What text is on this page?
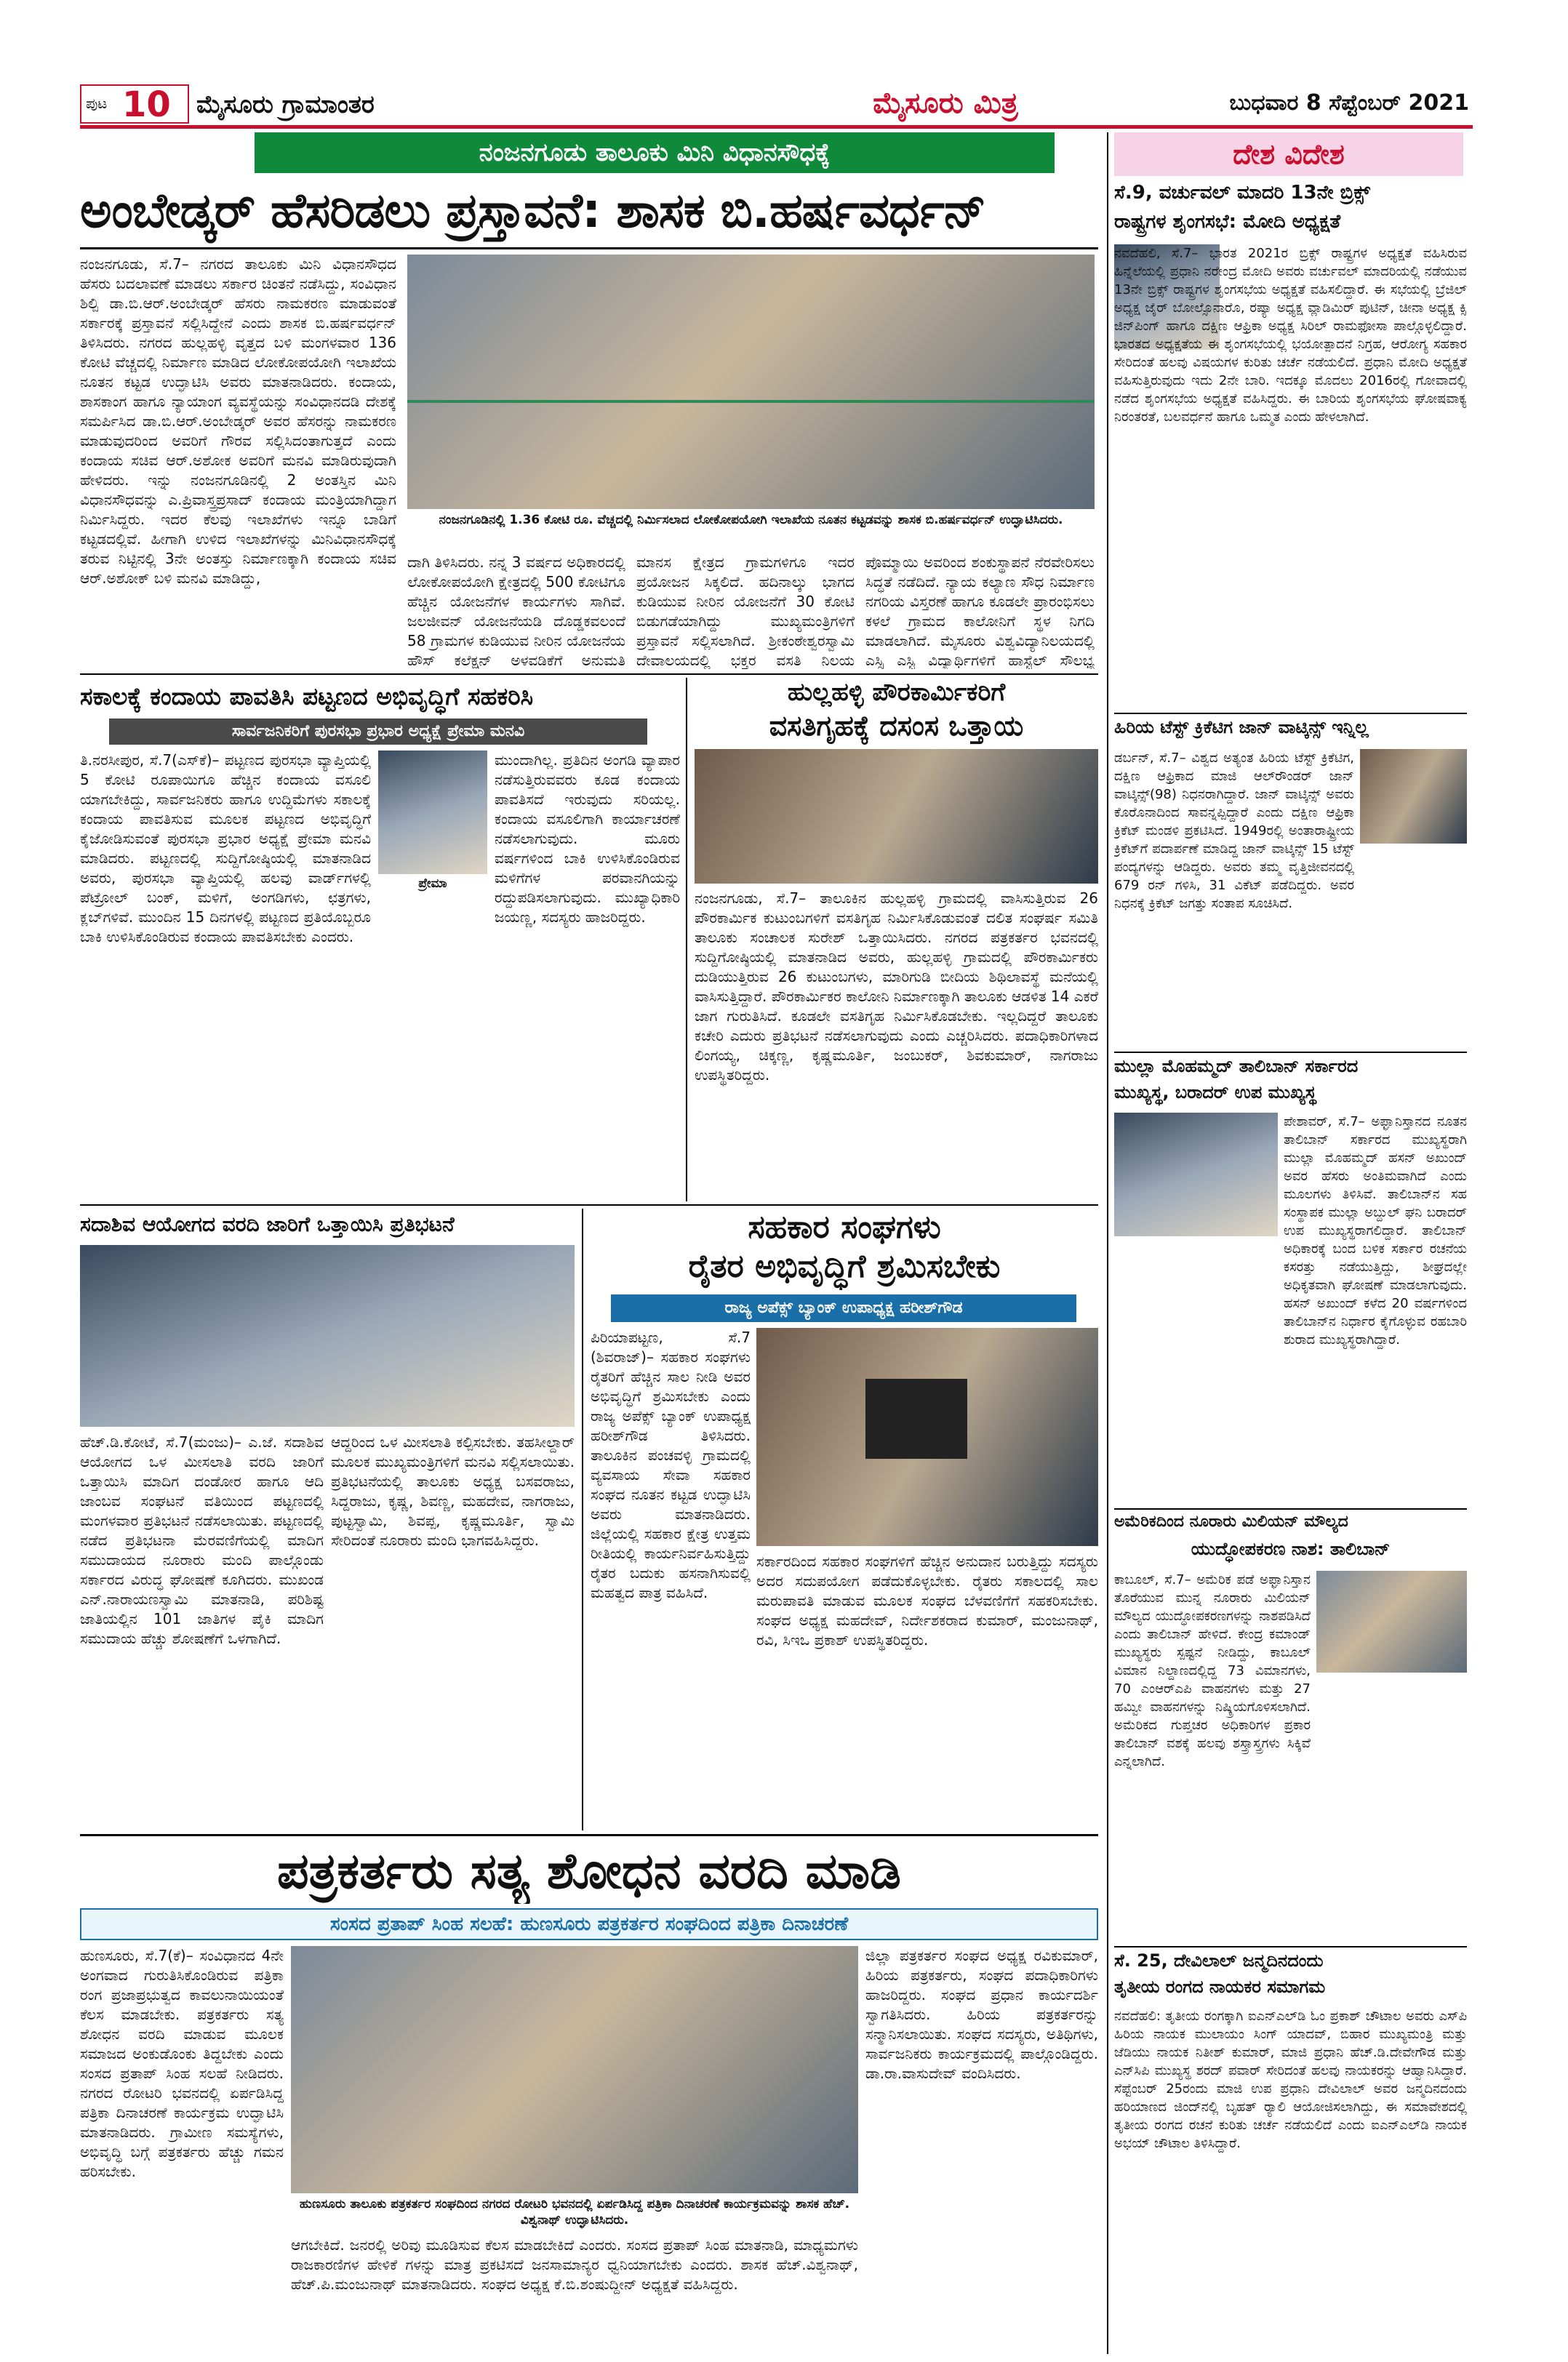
ಪುಟ 10 ಮೈಸೂರು ಗ್ರಾಮಾಂತರ	ಮೈಸೂರು ಮಿತ್ರ	ಬುಧವಾರ 8 ಸೆಪ್ಟೆಂಬರ್ 2021
ನಂಜನಗೂಡು ತಾಲೂಕು ಮಿನಿ ವಿಧಾನಸೌಧಕ್ಕೆ
ಅಂಬೇಡ್ಕರ್ ಹೆಸರಿಡಲು ಪ್ರಸ್ತಾವನೆ: ಶಾಸಕ ಬಿ.ಹರ್ಷವರ್ಧನ್
ನಂಜನಗೂಡು, ಸೆ.7– ನಗರದ ತಾಲೂಕು ಮಿನಿ ವಿಧಾನಸೌಧದ ಹೆಸರು ಬದಲಾವಣೆ ಮಾಡಲು ಸರ್ಕಾರ ಚಿಂತನೆ ನಡೆಸಿದ್ದು, ಸಂವಿಧಾನ ಶಿಲ್ಪಿ ಡಾ.ಬಿ.ಆರ್.ಅಂಬೇಡ್ಕರ್ ಹೆಸರು ನಾಮಕರಣ ಮಾಡುವಂತೆ ಸರ್ಕಾರಕ್ಕೆ ಪ್ರಸ್ತಾವನೆ ಸಲ್ಲಿಸಿದ್ದೇನೆ ಎಂದು ಶಾಸಕ ಬಿ.ಹರ್ಷವರ್ಧನ್ ತಿಳಿಸಿದರು. ನಗರದ ಹುಲ್ಲಹಳ್ಳಿ ವೃತ್ತದ ಬಳಿ ಮಂಗಳವಾರ 136 ಕೋಟಿ ವೆಚ್ಚದಲ್ಲಿ ನಿರ್ಮಾಣ ಮಾಡಿದ ಲೋಕೋಪಯೋಗಿ ಇಲಾಖೆಯ ನೂತನ ಕಟ್ಟಡ ಉದ್ಘಾಟಿಸಿ ಅವರು ಮಾತನಾಡಿದರು. ಕಂದಾಯ, ಶಾಸಕಾಂಗ ಹಾಗೂ ನ್ಯಾಯಾಂಗ ವ್ಯವಸ್ಥೆಯನ್ನು ಸಂವಿಧಾನದಡಿ ದೇಶಕ್ಕೆ ಸಮರ್ಪಿಸಿದ ಡಾ.ಬಿ.ಆರ್.ಅಂಬೇಡ್ಕರ್ ಅವರ ಹೆಸರನ್ನು ನಾಮಕರಣ ಮಾಡುವುದರಿಂದ ಅವರಿಗೆ ಗೌರವ ಸಲ್ಲಿಸಿದಂತಾಗುತ್ತದೆ ಎಂದು ಕಂದಾಯ ಸಚಿವ ಆರ್.ಅಶೋಕ ಅವರಿಗೆ ಮನವಿ ಮಾಡಿರುವುದಾಗಿ ಹೇಳಿದರು. ಇನ್ನು ನಂಜನಗೂಡಿನಲ್ಲಿ 2 ಅಂತಸ್ತಿನ ಮಿನಿ ವಿಧಾನಸೌಧವನ್ನು ಎ.ಪ್ರಿವಾಸ್ತ್ರಪ್ರಸಾದ್ ಕಂದಾಯ ಮಂತ್ರಿಯಾಗಿದ್ದಾಗ ನಿರ್ಮಿಸಿದ್ದರು. ಇದರ ಕೆಲವು ಇಲಾಖೆಗಳು ಇನ್ನೂ ಬಾಡಿಗೆ ಕಟ್ಟಡದಲ್ಲಿವೆ. ಹೀಗಾಗಿ ಉಳಿದ ಇಲಾಖೆಗಳನ್ನು ಮಿನಿವಿಧಾನಸೌಧಕ್ಕೆ ತರುವ ನಿಟ್ಟಿನಲ್ಲಿ 3ನೇ ಅಂತಸ್ತು ನಿರ್ಮಾಣಕ್ಕಾಗಿ ಕಂದಾಯ ಸಚಿವ ಆರ್.ಅಶೋಕ್ ಬಳಿ ಮನವಿ ಮಾಡಿದ್ದು,
ನಂಜನಗೂಡಿನಲ್ಲಿ 1.36 ಕೋಟಿ ರೂ. ವೆಚ್ಚದಲ್ಲಿ ನಿರ್ಮಿಸಲಾದ ಲೋಕೋಪಯೋಗಿ ಇಲಾಖೆಯ ನೂತನ ಕಟ್ಟಡವನ್ನು ಶಾಸಕ ಬಿ.ಹರ್ಷವರ್ಧನ್ ಉದ್ಘಾಟಿಸಿದರು.
ದಾಗಿ ತಿಳಿಸಿದರು. ನನ್ನ 3 ವರ್ಷದ ಅಧಿಕಾರದಲ್ಲಿ ಲೋಕೋಪಯೋಗಿ ಕ್ಷೇತ್ರದಲ್ಲಿ 500 ಕೋಟಿಗೂ ಹೆಚ್ಚಿನ ಯೋಜನೆಗಳ ಕಾರ್ಯಗಳು ಸಾಗಿವೆ. ಜಲಜೀವನ್ ಯೋಜನೆಯಡಿ ದೊಡ್ಡಕವಲಂದೆ 58 ಗ್ರಾಮಗಳ ಕುಡಿಯುವ ನೀರಿನ ಯೋಜನೆಯ ಹೌಸ್ ಕಲೆಕ್ಷನ್ ಅಳವಡಿಕೆಗೆ ಅನುಮತಿ
ಮಾನಸ ಕ್ಷೇತ್ರದ ಗ್ರಾಮಗಳಿಗೂ ಇದರ ಪ್ರಯೋಜನ ಸಿಕ್ಕಲಿದೆ. ಹದಿನಾಲ್ಕು ಭಾಗದ ಕುಡಿಯುವ ನೀರಿನ ಯೋಜನೆಗೆ 30 ಕೋಟಿ ಬಿಡುಗಡೆಯಾಗಿದ್ದು ಮುಖ್ಯಮಂತ್ರಿಗಳಿಗೆ ಪ್ರಸ್ತಾವನೆ ಸಲ್ಲಿಸಲಾಗಿದೆ. ಶ್ರೀಕಂಠೇಶ್ವರಸ್ವಾಮಿ ದೇವಾಲಯದಲ್ಲಿ ಭಕ್ತರ ವಸತಿ ನಿಲಯ
ಪೊಮ್ಮಾಯಿ ಅವರಿಂದ ಶಂಕುಸ್ಥಾಪನೆ ನೆರವೇರಿಸಲು ಸಿದ್ಧತೆ ನಡೆದಿದೆ. ನ್ಯಾಯ ಕಲ್ಯಾಣ ಸೌಧ ನಿರ್ಮಾಣ ನಗರಿಯ ವಿಸ್ತರಣೆ ಹಾಗೂ ಕೂಡಲೇ ಪ್ರಾರಂಭಿಸಲು ಕಳಲೆ ಗ್ರಾಮದ ಕಾಲೋನಿಗೆ ಸ್ಥಳ ನಿಗದಿ ಮಾಡಲಾಗಿದೆ. ಮೈಸೂರು ವಿಶ್ವವಿದ್ಯಾನಿಲಯದಲ್ಲಿ ಎಸ್ಸಿ ಎಸ್ಟಿ ವಿದ್ಯಾರ್ಥಿಗಳಿಗೆ ಹಾಸ್ಟೆಲ್ ಸೌಲಭ್ಯ
ಸಕಾಲಕ್ಕೆ ಕಂದಾಯ ಪಾವತಿಸಿ ಪಟ್ಟಣದ ಅಭಿವೃದ್ಧಿಗೆ ಸಹಕರಿಸಿ
ಸಾರ್ವಜನಿಕರಿಗೆ ಪುರಸಭಾ ಪ್ರಭಾರ ಅಧ್ಯಕ್ಷೆ ಪ್ರೇಮಾ ಮನವಿ
ತಿ.ನರಸೀಪುರ, ಸೆ.7(ಎಸ್‌ಕೆ)– ಪಟ್ಟಣದ ಪುರಸಭಾ ವ್ಯಾಪ್ತಿಯಲ್ಲಿ 5 ಕೋಟಿ ರೂಪಾಯಿಗೂ ಹೆಚ್ಚಿನ ಕಂದಾಯ ವಸೂಲಿ ಯಾಗಬೇಕಿದ್ದು, ಸಾರ್ವಜನಿಕರು ಹಾಗೂ ಉದ್ದಿಮೆಗಳು ಸಕಾಲಕ್ಕೆ ಕಂದಾಯ ಪಾವತಿಸುವ ಮೂಲಕ ಪಟ್ಟಣದ ಅಭಿವೃದ್ಧಿಗೆ ಕೈಜೋಡಿಸುವಂತೆ ಪುರಸಭಾ ಪ್ರಭಾರ ಅಧ್ಯಕ್ಷೆ ಪ್ರೇಮಾ ಮನವಿ ಮಾಡಿದರು. ಪಟ್ಟಣದಲ್ಲಿ ಸುದ್ದಿಗೋಷ್ಠಿಯಲ್ಲಿ ಮಾತನಾಡಿದ ಅವರು, ಪುರಸಭಾ ವ್ಯಾಪ್ತಿಯಲ್ಲಿ ಹಲವು ವಾರ್ಡ್‌ಗಳಲ್ಲಿ ಪೆಟ್ರೋಲ್ ಬಂಕ್, ಮಳಿಗೆ, ಅಂಗಡಿಗಳು, ಛತ್ರಗಳು, ಕ್ಲಬ್‌ಗಳಿವೆ. ಮುಂದಿನ 15 ದಿನಗಳಲ್ಲಿ ಪಟ್ಟಣದ ಪ್ರತಿಯೊಬ್ಬರೂ ಬಾಕಿ ಉಳಿಸಿಕೊಂಡಿರುವ ಕಂದಾಯ ಪಾವತಿಸಬೇಕು ಎಂದರು.
ಪ್ರೇಮಾ
ಮುಂದಾಗಿಲ್ಲ. ಪ್ರತಿದಿನ ಅಂಗಡಿ ವ್ಯಾಪಾರ ನಡೆಸುತ್ತಿರುವವರು ಕೂಡ ಕಂದಾಯ ಪಾವತಿಸದೆ ಇರುವುದು ಸರಿಯಲ್ಲ. ಕಂದಾಯ ವಸೂಲಿಗಾಗಿ ಕಾರ್ಯಾಚರಣೆ ನಡೆಸಲಾಗುವುದು. ಮೂರು ವರ್ಷಗಳಿಂದ ಬಾಕಿ ಉಳಿಸಿಕೊಂಡಿರುವ ಮಳಿಗೆಗಳ ಪರವಾನಗಿಯನ್ನು ರದ್ದುಪಡಿಸಲಾಗುವುದು. ಮುಖ್ಯಾಧಿಕಾರಿ ಜಯಣ್ಣ, ಸದಸ್ಯರು ಹಾಜರಿದ್ದರು.
ಹುಲ್ಲಹಳ್ಳಿ ಪೌರಕಾರ್ಮಿಕರಿಗೆ
ವಸತಿಗೃಹಕ್ಕೆ ದಸಂಸ ಒತ್ತಾಯ
ನಂಜನಗೂಡು, ಸೆ.7– ತಾಲೂಕಿನ ಹುಲ್ಲಹಳ್ಳಿ ಗ್ರಾಮದಲ್ಲಿ ವಾಸಿಸುತ್ತಿರುವ 26 ಪೌರಕಾರ್ಮಿಕ ಕುಟುಂಬಗಳಿಗೆ ವಸತಿಗೃಹ ನಿರ್ಮಿಸಿಕೊಡುವಂತೆ ದಲಿತ ಸಂಘರ್ಷ ಸಮಿತಿ ತಾಲೂಕು ಸಂಚಾಲಕ ಸುರೇಶ್ ಒತ್ತಾಯಿಸಿದರು. ನಗರದ ಪತ್ರಕರ್ತರ ಭವನದಲ್ಲಿ ಸುದ್ದಿಗೋಷ್ಠಿಯಲ್ಲಿ ಮಾತನಾಡಿದ ಅವರು, ಹುಲ್ಲಹಳ್ಳಿ ಗ್ರಾಮದಲ್ಲಿ ಪೌರಕಾರ್ಮಿಕರು ದುಡಿಯುತ್ತಿರುವ 26 ಕುಟುಂಬಗಳು, ಮಾರಿಗುಡಿ ಬೀದಿಯ ಶಿಥಿಲಾವಸ್ಥೆ ಮನೆಯಲ್ಲಿ ವಾಸಿಸುತ್ತಿದ್ದಾರೆ. ಪೌರಕಾರ್ಮಿಕರ ಕಾಲೋನಿ ನಿರ್ಮಾಣಕ್ಕಾಗಿ ತಾಲೂಕು ಆಡಳಿತ 14 ಎಕರೆ ಜಾಗ ಗುರುತಿಸಿದೆ. ಕೂಡಲೇ ವಸತಿಗೃಹ ನಿರ್ಮಿಸಿಕೊಡಬೇಕು. ಇಲ್ಲದಿದ್ದರೆ ತಾಲೂಕು ಕಚೇರಿ ಎದುರು ಪ್ರತಿಭಟನೆ ನಡೆಸಲಾಗುವುದು ಎಂದು ಎಚ್ಚರಿಸಿದರು. ಪದಾಧಿಕಾರಿಗಳಾದ ಲಿಂಗಯ್ಯ, ಚಿಕ್ಕಣ್ಣ, ಕೃಷ್ಣಮೂರ್ತಿ, ಜಂಬುಕರ್, ಶಿವಕುಮಾರ್, ನಾಗರಾಜು ಉಪಸ್ಥಿತರಿದ್ದರು.
ಸದಾಶಿವ ಆಯೋಗದ ವರದಿ ಜಾರಿಗೆ ಒತ್ತಾಯಿಸಿ ಪ್ರತಿಭಟನೆ
ಹೆಚ್.ಡಿ.ಕೋಟೆ, ಸೆ.7(ಮಂಜು)– ಎ.ಜೆ. ಸದಾಶಿವ ಆಯೋಗದ ಒಳ ಮೀಸಲಾತಿ ವರದಿ ಜಾರಿಗೆ ಒತ್ತಾಯಿಸಿ ಮಾದಿಗ ದಂಡೋರ ಹಾಗೂ ಆದಿ ಜಾಂಬವ ಸಂಘಟನೆ ವತಿಯಿಂದ ಪಟ್ಟಣದಲ್ಲಿ ಮಂಗಳವಾರ ಪ್ರತಿಭಟನೆ ನಡೆಸಲಾಯಿತು. ಪಟ್ಟಣದಲ್ಲಿ ನಡೆದ ಪ್ರತಿಭಟನಾ ಮೆರವಣಿಗೆಯಲ್ಲಿ ಮಾದಿಗ ಸಮುದಾಯದ ನೂರಾರು ಮಂದಿ ಪಾಲ್ಗೊಂಡು ಸರ್ಕಾರದ ವಿರುದ್ಧ ಘೋಷಣೆ ಕೂಗಿದರು. ಮುಖಂಡ ಎನ್.ನಾರಾಯಣಸ್ವಾಮಿ ಮಾತನಾಡಿ, ಪರಿಶಿಷ್ಟ ಜಾತಿಯಲ್ಲಿನ 101 ಜಾತಿಗಳ ಪೈಕಿ ಮಾದಿಗ ಸಮುದಾಯ ಹೆಚ್ಚು ಶೋಷಣೆಗೆ ಒಳಗಾಗಿದೆ.
ಆದ್ದರಿಂದ ಒಳ ಮೀಸಲಾತಿ ಕಲ್ಪಿಸಬೇಕು. ತಹಸೀಲ್ದಾರ್ ಮೂಲಕ ಮುಖ್ಯಮಂತ್ರಿಗಳಿಗೆ ಮನವಿ ಸಲ್ಲಿಸಲಾಯಿತು. ಪ್ರತಿಭಟನೆಯಲ್ಲಿ ತಾಲೂಕು ಅಧ್ಯಕ್ಷ ಬಸವರಾಜು, ಸಿದ್ದರಾಜು, ಕೃಷ್ಣ, ಶಿವಣ್ಣ, ಮಹದೇವ, ನಾಗರಾಜು, ಪುಟ್ಟಸ್ವಾಮಿ, ಶಿವಪ್ಪ, ಕೃಷ್ಣಮೂರ್ತಿ, ಸ್ವಾಮಿ ಸೇರಿದಂತೆ ನೂರಾರು ಮಂದಿ ಭಾಗವಹಿಸಿದ್ದರು.
ಸಹಕಾರ ಸಂಘಗಳು
ರೈತರ ಅಭಿವೃದ್ಧಿಗೆ ಶ್ರಮಿಸಬೇಕು
ರಾಜ್ಯ ಅಪೆಕ್ಸ್ ಬ್ಯಾಂಕ್ ಉಪಾಧ್ಯಕ್ಷ ಹರೀಶ್‌ಗೌಡ
ಪಿರಿಯಾಪಟ್ಟಣ, ಸೆ.7 (ಶಿವರಾಜ್)– ಸಹಕಾರ ಸಂಘಗಳು ರೈತರಿಗೆ ಹೆಚ್ಚಿನ ಸಾಲ ನೀಡಿ ಅವರ ಅಭಿವೃದ್ಧಿಗೆ ಶ್ರಮಿಸಬೇಕು ಎಂದು ರಾಜ್ಯ ಅಪೆಕ್ಸ್ ಬ್ಯಾಂಕ್ ಉಪಾಧ್ಯಕ್ಷ ಹರೀಶ್‌ಗೌಡ ತಿಳಿಸಿದರು. ತಾಲೂಕಿನ ಪಂಚವಳ್ಳಿ ಗ್ರಾಮದಲ್ಲಿ ವ್ಯವಸಾಯ ಸೇವಾ ಸಹಕಾರ ಸಂಘದ ನೂತನ ಕಟ್ಟಡ ಉದ್ಘಾಟಿಸಿ ಅವರು ಮಾತನಾಡಿದರು. ಜಿಲ್ಲೆಯಲ್ಲಿ ಸಹಕಾರ ಕ್ಷೇತ್ರ ಉತ್ತಮ ರೀತಿಯಲ್ಲಿ ಕಾರ್ಯನಿರ್ವಹಿಸುತ್ತಿದ್ದು ರೈತರ ಬದುಕು ಹಸನಾಗಿಸುವಲ್ಲಿ ಮಹತ್ವದ ಪಾತ್ರ ವಹಿಸಿದೆ.
ಸರ್ಕಾರದಿಂದ ಸಹಕಾರ ಸಂಘಗಳಿಗೆ ಹೆಚ್ಚಿನ ಅನುದಾನ ಬರುತ್ತಿದ್ದು ಸದಸ್ಯರು ಅದರ ಸದುಪಯೋಗ ಪಡೆದುಕೊಳ್ಳಬೇಕು. ರೈತರು ಸಕಾಲದಲ್ಲಿ ಸಾಲ ಮರುಪಾವತಿ ಮಾಡುವ ಮೂಲಕ ಸಂಘದ ಬೆಳವಣಿಗೆಗೆ ಸಹಕರಿಸಬೇಕು. ಸಂಘದ ಅಧ್ಯಕ್ಷ ಮಹದೇವ್, ನಿರ್ದೇಶಕರಾದ ಕುಮಾರ್, ಮಂಜುನಾಥ್, ರವಿ, ಸಿಇಒ ಪ್ರಕಾಶ್ ಉಪಸ್ಥಿತರಿದ್ದರು.
ಪತ್ರಕರ್ತರು ಸತ್ಯ ಶೋಧನ ವರದಿ ಮಾಡಿ
ಸಂಸದ ಪ್ರತಾಪ್ ಸಿಂಹ ಸಲಹೆ: ಹುಣಸೂರು ಪತ್ರಕರ್ತರ ಸಂಘದಿಂದ ಪತ್ರಿಕಾ ದಿನಾಚರಣೆ
ಹುಣಸೂರು, ಸೆ.7(ಕೆ)– ಸಂವಿಧಾನದ 4ನೇ ಅಂಗವಾದ ಗುರುತಿಸಿಕೊಂಡಿರುವ ಪತ್ರಿಕಾ ರಂಗ ಪ್ರಜಾಪ್ರಭುತ್ವದ ಕಾವಲುನಾಯಿಯಂತೆ ಕೆಲಸ ಮಾಡಬೇಕು. ಪತ್ರಕರ್ತರು ಸತ್ಯ ಶೋಧನ ವರದಿ ಮಾಡುವ ಮೂಲಕ ಸಮಾಜದ ಅಂಕುಡೊಂಕು ತಿದ್ದಬೇಕು ಎಂದು ಸಂಸದ ಪ್ರತಾಪ್ ಸಿಂಹ ಸಲಹೆ ನೀಡಿದರು. ನಗರದ ರೋಟರಿ ಭವನದಲ್ಲಿ ಏರ್ಪಡಿಸಿದ್ದ ಪತ್ರಿಕಾ ದಿನಾಚರಣೆ ಕಾರ್ಯಕ್ರಮ ಉದ್ಘಾಟಿಸಿ ಮಾತನಾಡಿದರು. ಗ್ರಾಮೀಣ ಸಮಸ್ಯೆಗಳು, ಅಭಿವೃದ್ಧಿ ಬಗ್ಗೆ ಪತ್ರಕರ್ತರು ಹೆಚ್ಚು ಗಮನ ಹರಿಸಬೇಕು.
ಹುಣಸೂರು ತಾಲೂಕು ಪತ್ರಕರ್ತರ ಸಂಘದಿಂದ ನಗರದ ರೋಟರಿ ಭವನದಲ್ಲಿ ಏರ್ಪಡಿಸಿದ್ದ ಪತ್ರಿಕಾ ದಿನಾಚರಣೆ ಕಾರ್ಯಕ್ರಮವನ್ನು ಶಾಸಕ ಹೆಚ್. ವಿಶ್ವನಾಥ್ ಉದ್ಘಾಟಿಸಿದರು.
ಆಗಬೇಕಿದೆ. ಜನರಲ್ಲಿ ಅರಿವು ಮೂಡಿಸುವ ಕೆಲಸ ಮಾಡಬೇಕಿದೆ ಎಂದರು. ಸಂಸದ ಪ್ರತಾಪ್ ಸಿಂಹ ಮಾತನಾಡಿ, ಮಾಧ್ಯಮಗಳು ರಾಜಕಾರಣಿಗಳ ಹೇಳಿಕೆ ಗಳನ್ನು ಮಾತ್ರ ಪ್ರಕಟಿಸದೆ ಜನಸಾಮಾನ್ಯರ ಧ್ವನಿಯಾಗಬೇಕು ಎಂದರು. ಶಾಸಕ ಹೆಚ್.ವಿಶ್ವನಾಥ್, ಹೆಚ್.ಪಿ.ಮಂಜುನಾಥ್ ಮಾತನಾಡಿದರು. ಸಂಘದ ಅಧ್ಯಕ್ಷ ಕೆ.ಬಿ.ಶಂಷುದ್ದೀನ್ ಅಧ್ಯಕ್ಷತೆ ವಹಿಸಿದ್ದರು.
ಜಿಲ್ಲಾ ಪತ್ರಕರ್ತರ ಸಂಘದ ಅಧ್ಯಕ್ಷ ರವಿಕುಮಾರ್, ಹಿರಿಯ ಪತ್ರಕರ್ತರು, ಸಂಘದ ಪದಾಧಿಕಾರಿಗಳು ಹಾಜರಿದ್ದರು. ಸಂಘದ ಪ್ರಧಾನ ಕಾರ್ಯದರ್ಶಿ ಸ್ವಾಗತಿಸಿದರು. ಹಿರಿಯ ಪತ್ರಕರ್ತರನ್ನು ಸನ್ಮಾನಿಸಲಾಯಿತು. ಸಂಘದ ಸದಸ್ಯರು, ಅತಿಥಿಗಳು, ಸಾರ್ವಜನಿಕರು ಕಾರ್ಯಕ್ರಮದಲ್ಲಿ ಪಾಲ್ಗೊಂಡಿದ್ದರು. ಡಾ.ರಾ.ವಾಸುದೇವ್ ವಂದಿಸಿದರು.
ದೇಶ ವಿದೇಶ
ಸೆ.9, ವರ್ಚುವಲ್ ಮಾದರಿ 13ನೇ ಬ್ರಿಕ್ಸ್
ರಾಷ್ಟ್ರಗಳ ಶೃಂಗಸಭೆ: ಮೋದಿ ಅಧ್ಯಕ್ಷತೆ
ನವದೆಹಲಿ, ಸೆ.7– ಭಾರತ 2021ರ ಬ್ರಿಕ್ಸ್ ರಾಷ್ಟ್ರಗಳ ಅಧ್ಯಕ್ಷತೆ ವಹಿಸಿರುವ ಹಿನ್ನೆಲೆಯಲ್ಲಿ ಪ್ರಧಾನಿ ನರೇಂದ್ರ ಮೋದಿ ಅವರು ವರ್ಚುವಲ್ ಮಾದರಿಯಲ್ಲಿ ನಡೆಯುವ 13ನೇ ಬ್ರಿಕ್ಸ್ ರಾಷ್ಟ್ರಗಳ ಶೃಂಗಸಭೆಯ ಅಧ್ಯಕ್ಷತೆ ವಹಿಸಲಿದ್ದಾರೆ. ಈ ಸಭೆಯಲ್ಲಿ ಬ್ರೆಜಿಲ್ ಅಧ್ಯಕ್ಷ ಜೈರ್ ಬೋಲ್ಸೊನಾರೊ, ರಷ್ಯಾ ಅಧ್ಯಕ್ಷ ವ್ಲಾಡಿಮಿರ್ ಪುಟಿನ್, ಚೀನಾ ಅಧ್ಯಕ್ಷ ಕ್ಸಿ ಜಿನ್‌ಪಿಂಗ್ ಹಾಗೂ ದಕ್ಷಿಣ ಆಫ್ರಿಕಾ ಅಧ್ಯಕ್ಷ ಸಿರಿಲ್ ರಾಮಫೋಸಾ ಪಾಲ್ಗೊಳ್ಳಲಿದ್ದಾರೆ. ಭಾರತದ ಅಧ್ಯಕ್ಷತೆಯ ಈ ಶೃಂಗಸಭೆಯಲ್ಲಿ ಭಯೋತ್ಪಾದನೆ ನಿಗ್ರಹ, ಆರೋಗ್ಯ ಸಹಕಾರ ಸೇರಿದಂತೆ ಹಲವು ವಿಷಯಗಳ ಕುರಿತು ಚರ್ಚೆ ನಡೆಯಲಿದೆ. ಪ್ರಧಾನಿ ಮೋದಿ ಅಧ್ಯಕ್ಷತೆ ವಹಿಸುತ್ತಿರುವುದು ಇದು 2ನೇ ಬಾರಿ. ಇದಕ್ಕೂ ಮೊದಲು 2016ರಲ್ಲಿ ಗೋವಾದಲ್ಲಿ ನಡೆದ ಶೃಂಗಸಭೆಯ ಅಧ್ಯಕ್ಷತೆ ವಹಿಸಿದ್ದರು. ಈ ಬಾರಿಯ ಶೃಂಗಸಭೆಯ ಘೋಷವಾಕ್ಯ ನಿರಂತರತೆ, ಬಲವರ್ಧನೆ ಹಾಗೂ ಒಮ್ಮತ ಎಂದು ಹೇಳಲಾಗಿದೆ.
ಹಿರಿಯ ಟೆಸ್ಟ್ ಕ್ರಿಕೆಟಿಗ ಜಾನ್ ವಾಟ್ಕಿನ್ಸ್ ಇನ್ನಿಲ್ಲ
ಡರ್ಬನ್, ಸೆ.7– ವಿಶ್ವದ ಅತ್ಯಂತ ಹಿರಿಯ ಟೆಸ್ಟ್ ಕ್ರಿಕೆಟಿಗ, ದಕ್ಷಿಣ ಆಫ್ರಿಕಾದ ಮಾಜಿ ಆಲ್‌ರೌಂಡರ್ ಜಾನ್ ವಾಟ್ಕಿನ್ಸ್(98) ನಿಧನರಾಗಿದ್ದಾರೆ. ಜಾನ್ ವಾಟ್ಕಿನ್ಸ್ ಅವರು ಕೊರೊನಾದಿಂದ ಸಾವನ್ನಪ್ಪಿದ್ದಾರೆ ಎಂದು ದಕ್ಷಿಣ ಆಫ್ರಿಕಾ ಕ್ರಿಕೆಟ್ ಮಂಡಳಿ ಪ್ರಕಟಿಸಿದೆ. 1949ರಲ್ಲಿ ಅಂತಾರಾಷ್ಟ್ರೀಯ ಕ್ರಿಕೆಟ್‌ಗೆ ಪದಾರ್ಪಣೆ ಮಾಡಿದ್ದ ಜಾನ್ ವಾಟ್ಕಿನ್ಸ್ 15 ಟೆಸ್ಟ್ ಪಂದ್ಯಗಳನ್ನು ಆಡಿದ್ದರು. ಅವರು ತಮ್ಮ ವೃತ್ತಿಜೀವನದಲ್ಲಿ 679 ರನ್ ಗಳಿಸಿ, 31 ವಿಕೆಟ್ ಪಡೆದಿದ್ದರು. ಅವರ ನಿಧನಕ್ಕೆ ಕ್ರಿಕೆಟ್ ಜಗತ್ತು ಸಂತಾಪ ಸೂಚಿಸಿದೆ.
ಮುಲ್ಲಾ ಮೊಹಮ್ಮದ್ ತಾಲಿಬಾನ್ ಸರ್ಕಾರದ
ಮುಖ್ಯಸ್ಥ, ಬರಾದರ್ ಉಪ ಮುಖ್ಯಸ್ಥ
ಪೇಶಾವರ್, ಸೆ.7– ಅಫ್ಘಾನಿಸ್ತಾನದ ನೂತನ ತಾಲಿಬಾನ್ ಸರ್ಕಾರದ ಮುಖ್ಯಸ್ಥರಾಗಿ ಮುಲ್ಲಾ ಮೊಹಮ್ಮದ್ ಹಸನ್ ಅಖುಂದ್ ಅವರ ಹೆಸರು ಅಂತಿಮವಾಗಿದೆ ಎಂದು ಮೂಲಗಳು ತಿಳಿಸಿವೆ. ತಾಲಿಬಾನ್‌ನ ಸಹ ಸಂಸ್ಥಾಪಕ ಮುಲ್ಲಾ ಅಬ್ದುಲ್ ಘನಿ ಬರಾದರ್ ಉಪ ಮುಖ್ಯಸ್ಥರಾಗಲಿದ್ದಾರೆ. ತಾಲಿಬಾನ್ ಅಧಿಕಾರಕ್ಕೆ ಬಂದ ಬಳಿಕ ಸರ್ಕಾರ ರಚನೆಯ ಕಸರತ್ತು ನಡೆಯುತ್ತಿದ್ದು, ಶೀಘ್ರದಲ್ಲೇ ಅಧಿಕೃತವಾಗಿ ಘೋಷಣೆ ಮಾಡಲಾಗುವುದು. ಹಸನ್ ಅಖುಂದ್ ಕಳೆದ 20 ವರ್ಷಗಳಿಂದ ತಾಲಿಬಾನ್‌ನ ನಿರ್ಧಾರ ಕೈಗೊಳ್ಳುವ ರಹಬಾರಿ ಶುರಾದ ಮುಖ್ಯಸ್ಥರಾಗಿದ್ದಾರೆ.
ಅಮೆರಿಕದಿಂದ ನೂರಾರು ಮಿಲಿಯನ್ ಮೌಲ್ಯದ
ಯುದ್ಧೋಪಕರಣ ನಾಶ: ತಾಲಿಬಾನ್
ಕಾಬೂಲ್, ಸೆ.7– ಅಮೆರಿಕ ಪಡೆ ಅಫ್ಘಾನಿಸ್ತಾನ ತೊರೆಯುವ ಮುನ್ನ ನೂರಾರು ಮಿಲಿಯನ್ ಮೌಲ್ಯದ ಯುದ್ಧೋಪಕರಣಗಳನ್ನು ನಾಶಪಡಿಸಿದೆ ಎಂದು ತಾಲಿಬಾನ್ ಹೇಳಿದೆ. ಕೇಂದ್ರ ಕಮಾಂಡ್ ಮುಖ್ಯಸ್ಥರು ಸ್ಪಷ್ಟನೆ ನೀಡಿದ್ದು, ಕಾಬೂಲ್ ವಿಮಾನ ನಿಲ್ದಾಣದಲ್ಲಿದ್ದ 73 ವಿಮಾನಗಳು, 70 ಎಂಆರ್‌ಎಪಿ ವಾಹನಗಳು ಮತ್ತು 27 ಹಮ್ವೀ ವಾಹನಗಳನ್ನು ನಿಷ್ಕ್ರಿಯಗೊಳಿಸಲಾಗಿದೆ. ಅಮೆರಿಕದ ಗುಪ್ತಚರ ಅಧಿಕಾರಿಗಳ ಪ್ರಕಾರ ತಾಲಿಬಾನ್ ವಶಕ್ಕೆ ಹಲವು ಶಸ್ತ್ರಾಸ್ತ್ರಗಳು ಸಿಕ್ಕಿವೆ ಎನ್ನಲಾಗಿದೆ.
ಸೆ. 25, ದೇವಿಲಾಲ್ ಜನ್ಮದಿನದಂದು
ತೃತೀಯ ರಂಗದ ನಾಯಕರ ಸಮಾಗಮ
ನವದೆಹಲಿ: ತೃತೀಯ ರಂಗಕ್ಕಾಗಿ ಐಎನ್‌ಎಲ್‌ಡಿ ಓಂ ಪ್ರಕಾಶ್ ಚೌಟಾಲ ಅವರು ಎಸ್‌ಪಿ ಹಿರಿಯ ನಾಯಕ ಮುಲಾಯಂ ಸಿಂಗ್ ಯಾದವ್, ಬಿಹಾರ ಮುಖ್ಯಮಂತ್ರಿ ಮತ್ತು ಜೆಡಿಯು ನಾಯಕ ನಿತೀಶ್ ಕುಮಾರ್, ಮಾಜಿ ಪ್ರಧಾನಿ ಹೆಚ್.ಡಿ.ದೇವೇಗೌಡ ಮತ್ತು ಎನ್‌ಸಿಪಿ ಮುಖ್ಯಸ್ಥ ಶರದ್ ಪವಾರ್ ಸೇರಿದಂತೆ ಹಲವು ನಾಯಕರನ್ನು ಆಹ್ವಾನಿಸಿದ್ದಾರೆ. ಸೆಪ್ಟೆಂಬರ್ 25ರಂದು ಮಾಜಿ ಉಪ ಪ್ರಧಾನಿ ದೇವಿಲಾಲ್ ಅವರ ಜನ್ಮದಿನದಂದು ಹರಿಯಾಣದ ಜಿಂದ್‌ನಲ್ಲಿ ಬೃಹತ್ ರ್‍ಯಾಲಿ ಆಯೋಜಿಸಲಾಗಿದ್ದು, ಈ ಸಮಾವೇಶದಲ್ಲಿ ತೃತೀಯ ರಂಗದ ರಚನೆ ಕುರಿತು ಚರ್ಚೆ ನಡೆಯಲಿದೆ ಎಂದು ಐಎನ್‌ಎಲ್‌ಡಿ ನಾಯಕ ಅಭಯ್ ಚೌಟಾಲ ತಿಳಿಸಿದ್ದಾರೆ.
